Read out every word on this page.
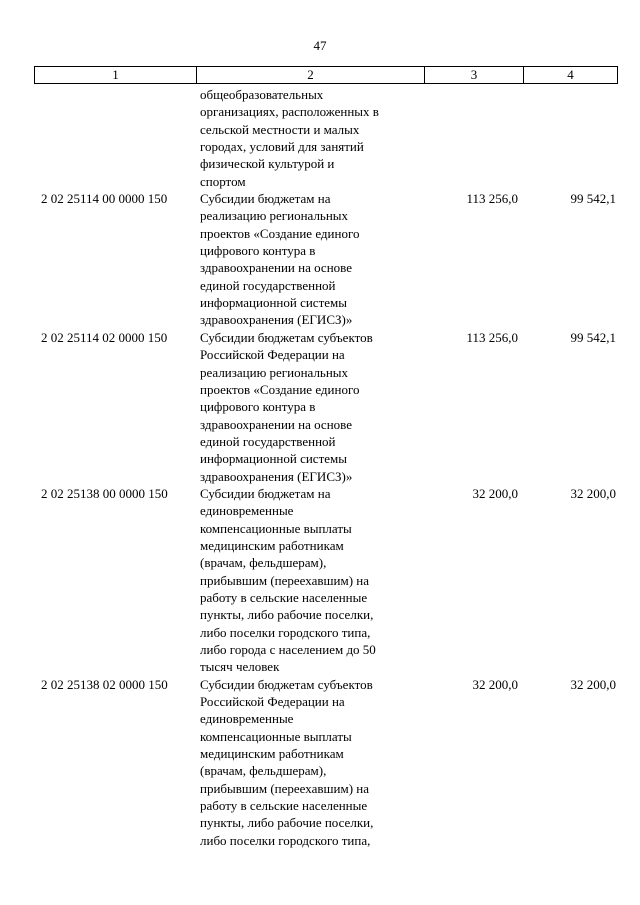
47
1	2	3	4
общеобразовательных
организациях, расположенных в
сельской местности и малых
городах, условий для занятий
физической культурой и
спортом
2 02 25114 00 0000 150	Субсидии бюджетам на
реализацию региональных
проектов «Создание единого
цифрового контура в
здравоохранении на основе
единой государственной
информационной системы
здравоохранения (ЕГИСЗ)»
113 256,0	99 542,1
2 02 25114 02 0000 150	Субсидии бюджетам субъектов
Российской Федерации на
реализацию региональных
проектов «Создание единого
цифрового контура в
здравоохранении на основе
единой государственной
информационной системы
здравоохранения (ЕГИСЗ)»
113 256,0	99 542,1
2 02 25138 00 0000 150 Субсидии бюджетам на
единовременные
компенсационные выплаты
медицинским работникам
(врачам, фельдшерам),
прибывшим (переехавшим) на
работу в сельские населенные
пункты, либо рабочие поселки,
либо поселки городского типа,
либо города с населением до 50
тысяч человек
32 200,0	32 200,0
2 02 25138 02 0000 150 Субсидии бюджетам субъектов
Российской Федерации на
единовременные
компенсационные выплаты
медицинским работникам
(врачам, фельдшерам),
прибывшим (переехавшим) на
работу в сельские населенные
пункты, либо рабочие поселки,
либо поселки городского типа,
32 200,0	32 200,0
